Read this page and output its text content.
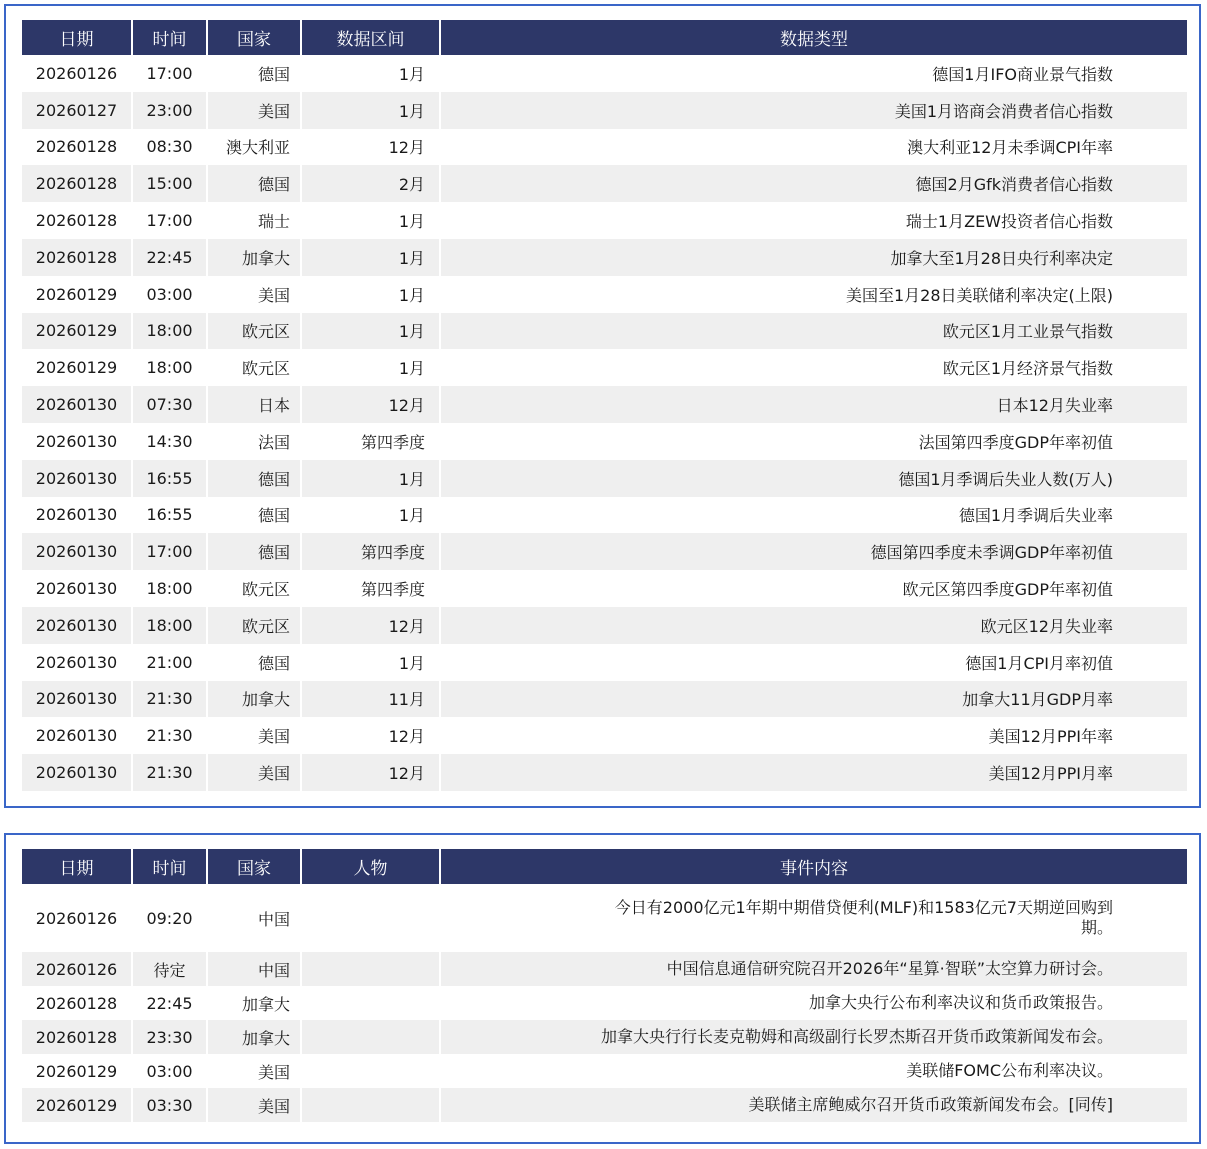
日期	时间	国家	数据区间	数据类型
20260126	17:00	德国	1月	德国1月IFO商业景气指数
20260127	23:00	美国	1月	美国1月谘商会消费者信心指数
20260128	08:30	澳大利亚	12月	澳大利亚12月未季调CPI年率
20260128	15:00	德国	2月	德国2月Gfk消费者信心指数
20260128	17:00	瑞士	1月	瑞士1月ZEW投资者信心指数
20260128	22:45	加拿大	1月	加拿大至1月28日央行利率决定
20260129	03:00	美国	1月	美国至1月28日美联储利率决定(上限)
20260129	18:00	欧元区	1月	欧元区1月工业景气指数
20260129	18:00	欧元区	1月	欧元区1月经济景气指数
20260130	07:30	日本	12月	日本12月失业率
20260130	14:30	法国	第四季度	法国第四季度GDP年率初值
20260130	16:55	德国	1月	德国1月季调后失业人数(万人)
20260130	16:55	德国	1月	德国1月季调后失业率
20260130	17:00	德国	第四季度	德国第四季度未季调GDP年率初值
20260130	18:00	欧元区	第四季度	欧元区第四季度GDP年率初值
20260130	18:00	欧元区	12月	欧元区12月失业率
20260130	21:00	德国	1月	德国1月CPI月率初值
20260130	21:30	加拿大	11月	加拿大11月GDP月率
20260130	21:30	美国	12月	美国12月PPI年率
20260130	21:30	美国	12月	美国12月PPI月率
日期	时间	国家	人物	事件内容
20260126	09:20	中国		今日有2000亿元1年期中期借贷便利(MLF)和1583亿元7天期逆回购到
期。

20260126	待定	中国		中国信息通信研究院召开2026年“星算·智联”太空算力研讨会。

20260128	22:45	加拿大		加拿大央行公布利率决议和货币政策报告。

20260128	23:30	加拿大		加拿大央行行长麦克勒姆和高级副行长罗杰斯召开货币政策新闻发布会。

20260129	03:00	美国		美联储FOMC公布利率决议。

20260129	03:30	美国		美联储主席鲍威尔召开货币政策新闻发布会。[同传]
